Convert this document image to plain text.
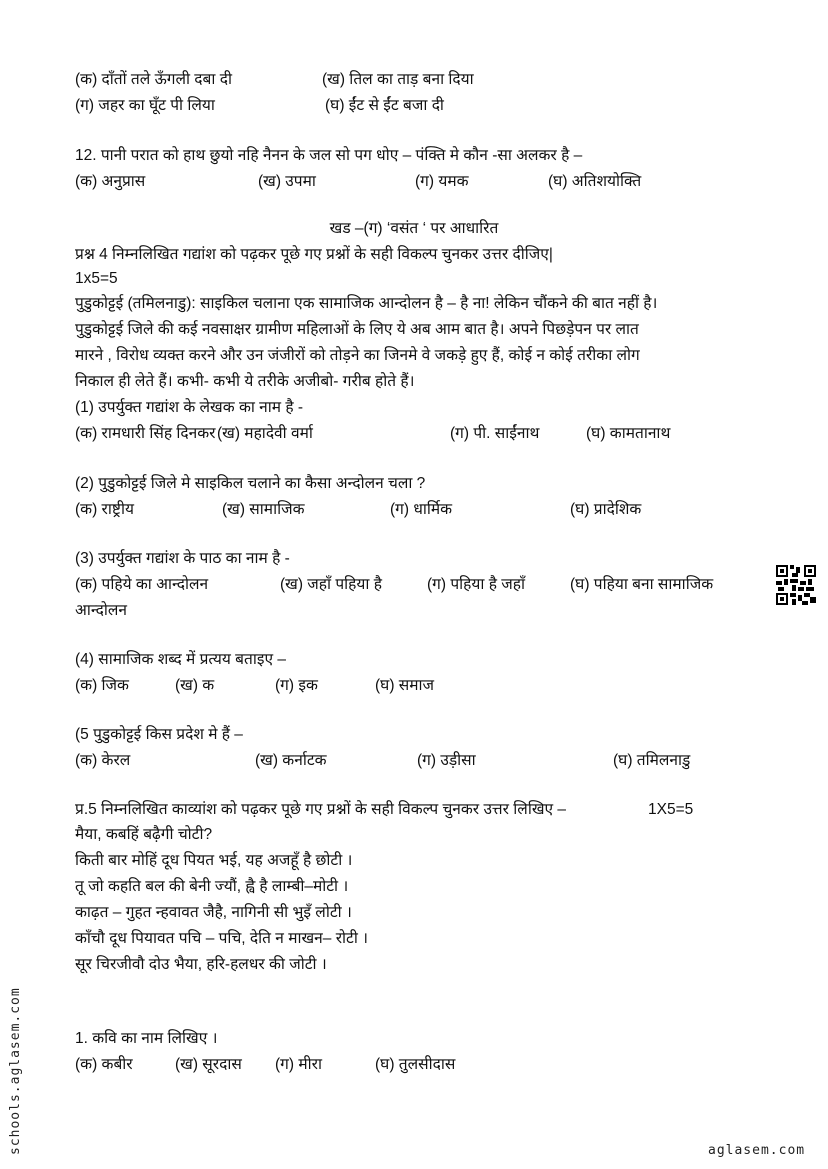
(क) दाँतों तले ऊँगली दबा दी	(ख) तिल का ताड़ बना दिया
(ग) जहर का घूँट पी लिया	(घ) ईंट से ईंट बजा दी
12. पानी परात को हाथ छुयो नहि नैनन के जल सो पग धोए – पंक्ति मे कौन -सा अलकर है –
(क) अनुप्रास	(ख) उपमा	(ग) यमक	(घ) अतिशयोक्ति
खड –(ग) ‘वसंत ‘ पर आधारित
प्रश्न 4 निम्नलिखित गद्यांश को पढ़कर पूछे गए प्रश्नों के सही विकल्प चुनकर उत्तर दीजिए|
1x5=5
पुडुकोट्टई (तमिलनाडु): साइकिल चलाना एक सामाजिक आन्दोलन है – है ना! लेकिन चौंकने की बात नहीं है।
पुडुकोट्टई जिले की कई नवसाक्षर ग्रामीण महिलाओं के लिए ये अब आम बात है। अपने पिछड़ेपन पर लात
मारने , विरोध व्यक्त करने और उन जंजीरों को तोड़ने का जिनमे वे जकड़े हुए हैं, कोई न कोई तरीका लोग
निकाल ही लेते हैं। कभी- कभी ये तरीके अजीबो- गरीब होते हैं।
(1) उपर्युक्त गद्यांश के लेखक का नाम है -
(क) रामधारी सिंह दिनकर (ख) महादेवी वर्मा	(ग) पी. साईंनाथ	(घ) कामतानाथ
(2) पुडुकोट्टई जिले मे साइकिल चलाने का कैसा अन्दोलन चला ?
(क) राष्ट्रीय	(ख) सामाजिक	(ग) धार्मिक	(घ) प्रादेशिक
(3) उपर्युक्त गद्यांश के पाठ का नाम है -
(क) पहिये का आन्दोलन	(ख) जहाँ पहिया है	(ग) पहिया है जहाँ	(घ) पहिया बना सामाजिक
आन्दोलन
(4) सामाजिक शब्द में प्रत्यय बताइए –
(क) जिक	(ख) क	(ग) इक	(घ) समाज
(5 पुडुकोट्टई किस प्रदेश मे हैं –
(क) केरल	(ख) कर्नाटक	(ग) उड़ीसा	(घ) तमिलनाडु
प्र.5 निम्नलिखित काव्यांश को पढ़कर पूछे गए प्रश्नों के सही विकल्प चुनकर उत्तर लिखिए –	1X5=5
मैया, कबहिं बढ़ैगी चोटी?
किती बार मोहिं दूध पियत भई, यह अजहूँ है छोटी ।
तू जो कहति बल की बेनी ज्यौं, ह्वै है लाम्बी–मोटी ।
काढ़त – गुहत न्हवावत जैहै, नागिनी सी भुइँ लोटी ।
काँचौ दूध पियावत पचि – पचि, देति न माखन– रोटी ।
सूर चिरजीवौ दोउ भैया, हरि-हलधर की जोटी ।
1. कवि का नाम लिखिए ।
(क) कबीर	(ख) सूरदास (ग) मीरा	(घ) तुलसीदास
schools.aglasem.com	aglasem.com
